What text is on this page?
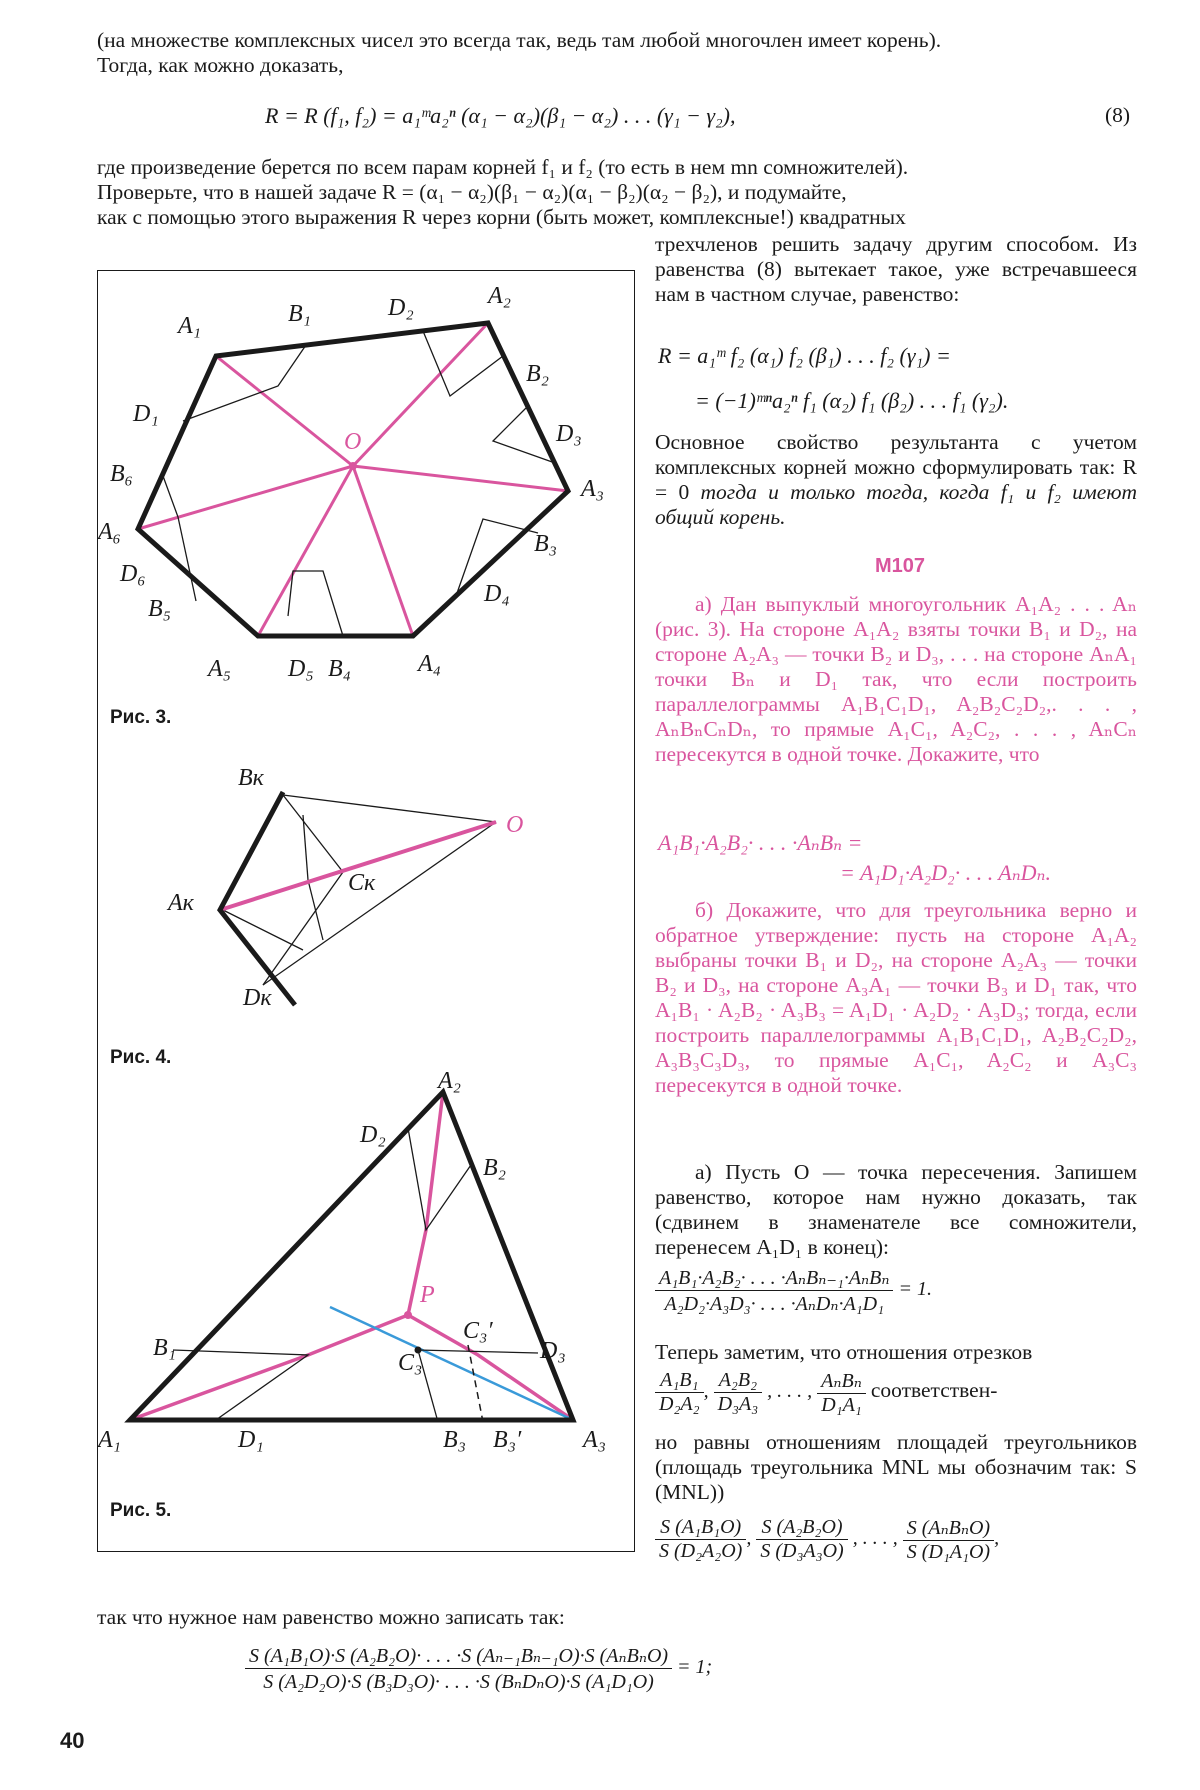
(на множестве комплексных чисел это всегда так, ведь там любой многочлен имеет корень).
Тогда, как можно доказать,
R = R (f₁, f₂) = a₁ᵐa₂ⁿ (α₁ − α₂)(β₁ − α₂) . . . (γ₁ − γ₂),	(8)
где произведение берется по всем парам корней f₁ и f₂ (то есть в нем mn сомножителей).
Проверьте, что в нашей задаче R = (α₁ − α₂)(β₁ − α₂)(α₁ − β₂)(α₂ − β₂), и подумайте,
как с помощью этого выражения R через корни (быть может, комплексные!) квадратных
A₁	B₁	D₂	A₂
B₂
D₃
A₃
B₃
D₄
A₄
B₄
D₅
A₅
B₅
D₆
A₆
B₆
D₁
O
Рис. 3.
Bк
Aк
Cк
Dк
O
Рис. 4.
A₂
D₂
B₂
P
C₃′
B₁
C₃	D₃
A₁	D₁	B₃ B₃′	A₃
Рис. 5.
трехчленов решить задачу другим способом. Из равенства (8) вытекает такое, уже встречавшееся нам в частном случае, равенство:
R = a₁ᵐ f₂ (α₁) f₂ (β₁) . . . f₂ (γ₁) =
= (−1)ᵐⁿa₂ⁿ f₁ (α₂) f₁ (β₂) . . . f₁ (γ₂).
Основное свойство результанта с учетом комплексных корней можно сформулировать так: R = 0 тогда и только тогда, когда f₁ и f₂ имеют общий корень.
М107
а) Дан выпуклый многоугольник A₁A₂ . . . Aₙ (рис. 3). На стороне A₁A₂ взяты точки B₁ и D₂, на стороне A₂A₃ — точки B₂ и D₃, . . . на стороне AₙA₁ точки Bₙ и D₁ так, что если построить параллелограммы A₁B₁C₁D₁, A₂B₂C₂D₂,. . . , AₙBₙCₙDₙ, то прямые A₁C₁, A₂C₂, . . . , AₙCₙ пересекутся в одной точке. Докажите, что
A₁B₁·A₂B₂· . . . ·AₙBₙ =
= A₁D₁·A₂D₂· . . . AₙDₙ.
б) Докажите, что для треугольника верно и обратное утверждение: пусть на стороне A₁A₂ выбраны точки B₁ и D₂, на стороне A₂A₃ — точки B₂ и D₃, на стороне A₃A₁ — точки B₃ и D₁ так, что A₁B₁ · A₂B₂ · A₃B₃ = A₁D₁ · A₂D₂ · A₃D₃; тогда, если построить параллелограммы A₁B₁C₁D₁, A₂B₂C₂D₂, A₃B₃C₃D₃, то прямые A₁C₁, A₂C₂ и A₃C₃ пересекутся в одной точке.
а) Пусть O — точка пересечения. Запишем равенство, которое нам нужно доказать, так (сдвинем в знаменателе все сомножители, перенесем A₁D₁ в конец):
$\frac{\text{A₁B₁·A₂B₂· . . . ·AₙBₙ₋₁·AₙBₙ}}{\text{A₂D₂·A₃D₃· . . . ·AₙDₙ·A₁D₁}} = 1$.
Теперь заметим, что отношения отрезков
$\frac{\text{A₁B₁}}{\text{D₂A₂}}$ , $\frac{\text{A₂B₂}}{\text{D₃A₃}}$ , . . . , $\frac{\text{AₙBₙ}}{\text{D₁A₁}}$ соответствен-
но равны отношениям площадей треугольников (площадь треугольника MNL мы обозначим так: S (MNL))
$\frac{\text{S (A₁B₁O)}}{\text{S (D₂A₂O)}}$ , $\frac{\text{S (A₂B₂O)}}{\text{S (D₃A₃O)}}$ , . . . , $\frac{\text{S (AₙBₙO)}}{\text{S (D₁A₁O)}}$ ,
так что нужное нам равенство можно записать так:
$\frac{\text{S (A₁B₁O)·S (A₂B₂O)· . . . ·S (Aₙ₋₁Bₙ₋₁O)·S (AₙBₙO)}}{\text{S (A₂D₂O)·S (B₃D₃O)· . . . ·S (BₙDₙO)·S (A₁D₁O)}} = 1$;
40
